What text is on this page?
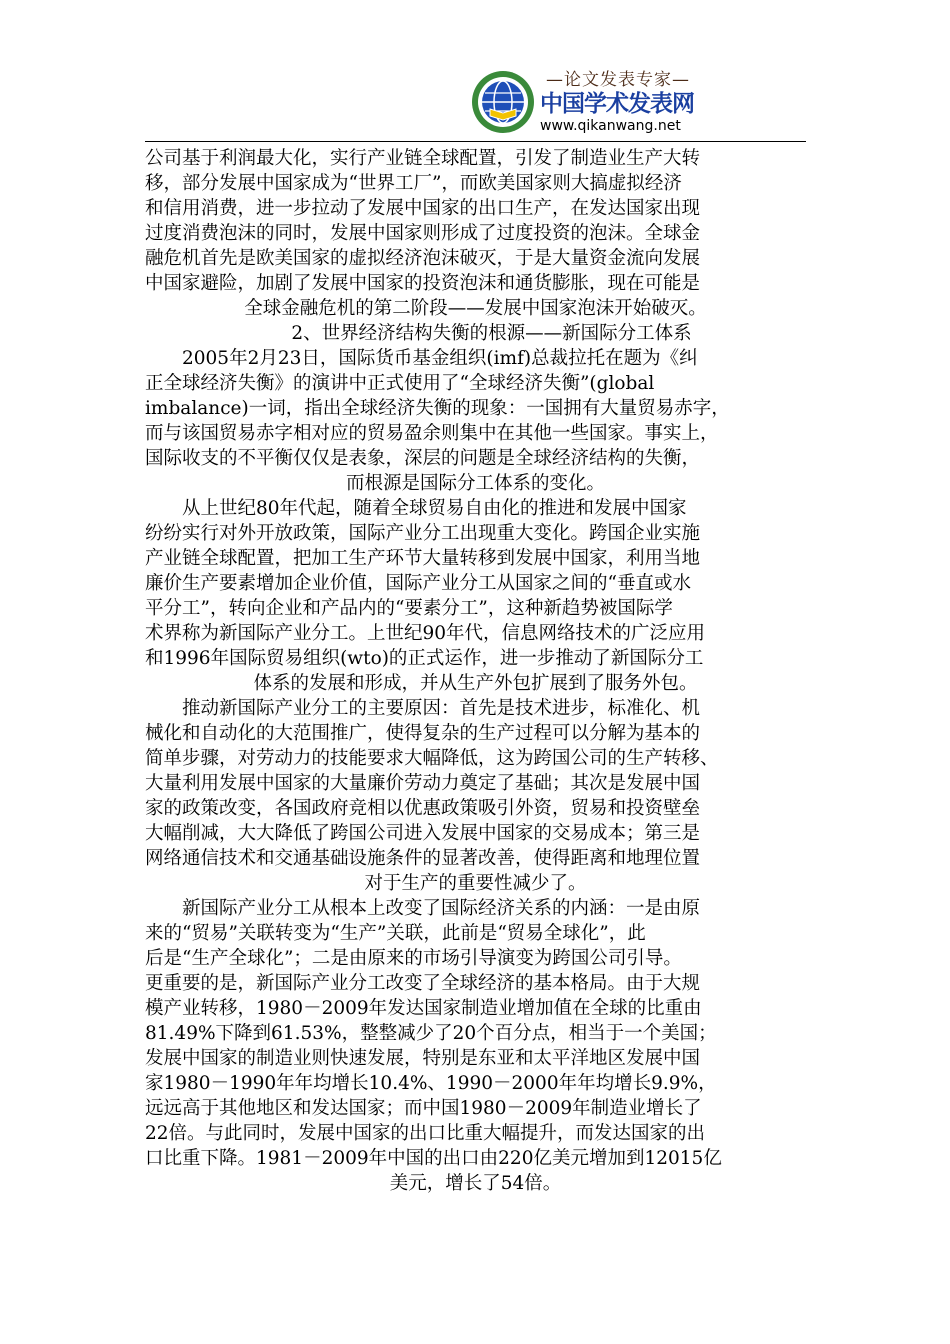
—论文发表专家—
中国学术发表网
www.qikanwang.net

公司基于利润最大化，实行产业链全球配置，引发了制造业生产大转

移，部分发展中国家成为“世界工厂”，而欧美国家则大搞虚拟经济

和信用消费，进一步拉动了发展中国家的出口生产，在发达国家出现

过度消费泡沫的同时，发展中国家则形成了过度投资的泡沫。全球金

融危机首先是欧美国家的虚拟经济泡沫破灭，于是大量资金流向发展

中国家避险，加剧了发展中国家的投资泡沫和通货膨胀，现在可能是

全球金融危机的第二阶段——发展中国家泡沫开始破灭。

2、世界经济结构失衡的根源——新国际分工体系

2005年2月23日，国际货币基金组织(imf)总裁拉托在题为《纠

正全球经济失衡》的演讲中正式使用了“全球经济失衡”(global

imbalance)一词，指出全球经济失衡的现象：一国拥有大量贸易赤字，

而与该国贸易赤字相对应的贸易盈余则集中在其他一些国家。事实上，

国际收支的不平衡仅仅是表象，深层的问题是全球经济结构的失衡，

而根源是国际分工体系的变化。

从上世纪80年代起，随着全球贸易自由化的推进和发展中国家

纷纷实行对外开放政策，国际产业分工出现重大变化。跨国企业实施

产业链全球配置，把加工生产环节大量转移到发展中国家，利用当地

廉价生产要素增加企业价值，国际产业分工从国家之间的“垂直或水

平分工”，转向企业和产品内的“要素分工”，这种新趋势被国际学

术界称为新国际产业分工。上世纪90年代，信息网络技术的广泛应用

和1996年国际贸易组织(wto)的正式运作，进一步推动了新国际分工

体系的发展和形成，并从生产外包扩展到了服务外包。

推动新国际产业分工的主要原因：首先是技术进步，标准化、机

械化和自动化的大范围推广，使得复杂的生产过程可以分解为基本的

简单步骤，对劳动力的技能要求大幅降低，这为跨国公司的生产转移、

大量利用发展中国家的大量廉价劳动力奠定了基础；其次是发展中国

家的政策改变，各国政府竞相以优惠政策吸引外资，贸易和投资壁垒

大幅削减，大大降低了跨国公司进入发展中国家的交易成本；第三是

网络通信技术和交通基础设施条件的显著改善，使得距离和地理位置

对于生产的重要性减少了。

新国际产业分工从根本上改变了国际经济关系的内涵：一是由原

来的“贸易”关联转变为“生产”关联，此前是“贸易全球化”，此

后是“生产全球化”；二是由原来的市场引导演变为跨国公司引导。

更重要的是，新国际产业分工改变了全球经济的基本格局。由于大规

模产业转移，1980－2009年发达国家制造业增加值在全球的比重由

81.49%下降到61.53%，整整减少了20个百分点，相当于一个美国；

发展中国家的制造业则快速发展，特别是东亚和太平洋地区发展中国

家1980－1990年年均增长10.4%、1990－2000年年均增长9.9%，

远远高于其他地区和发达国家；而中国1980－2009年制造业增长了

22倍。与此同时，发展中国家的出口比重大幅提升，而发达国家的出

口比重下降。1981－2009年中国的出口由220亿美元增加到12015亿

美元，增长了54倍。
